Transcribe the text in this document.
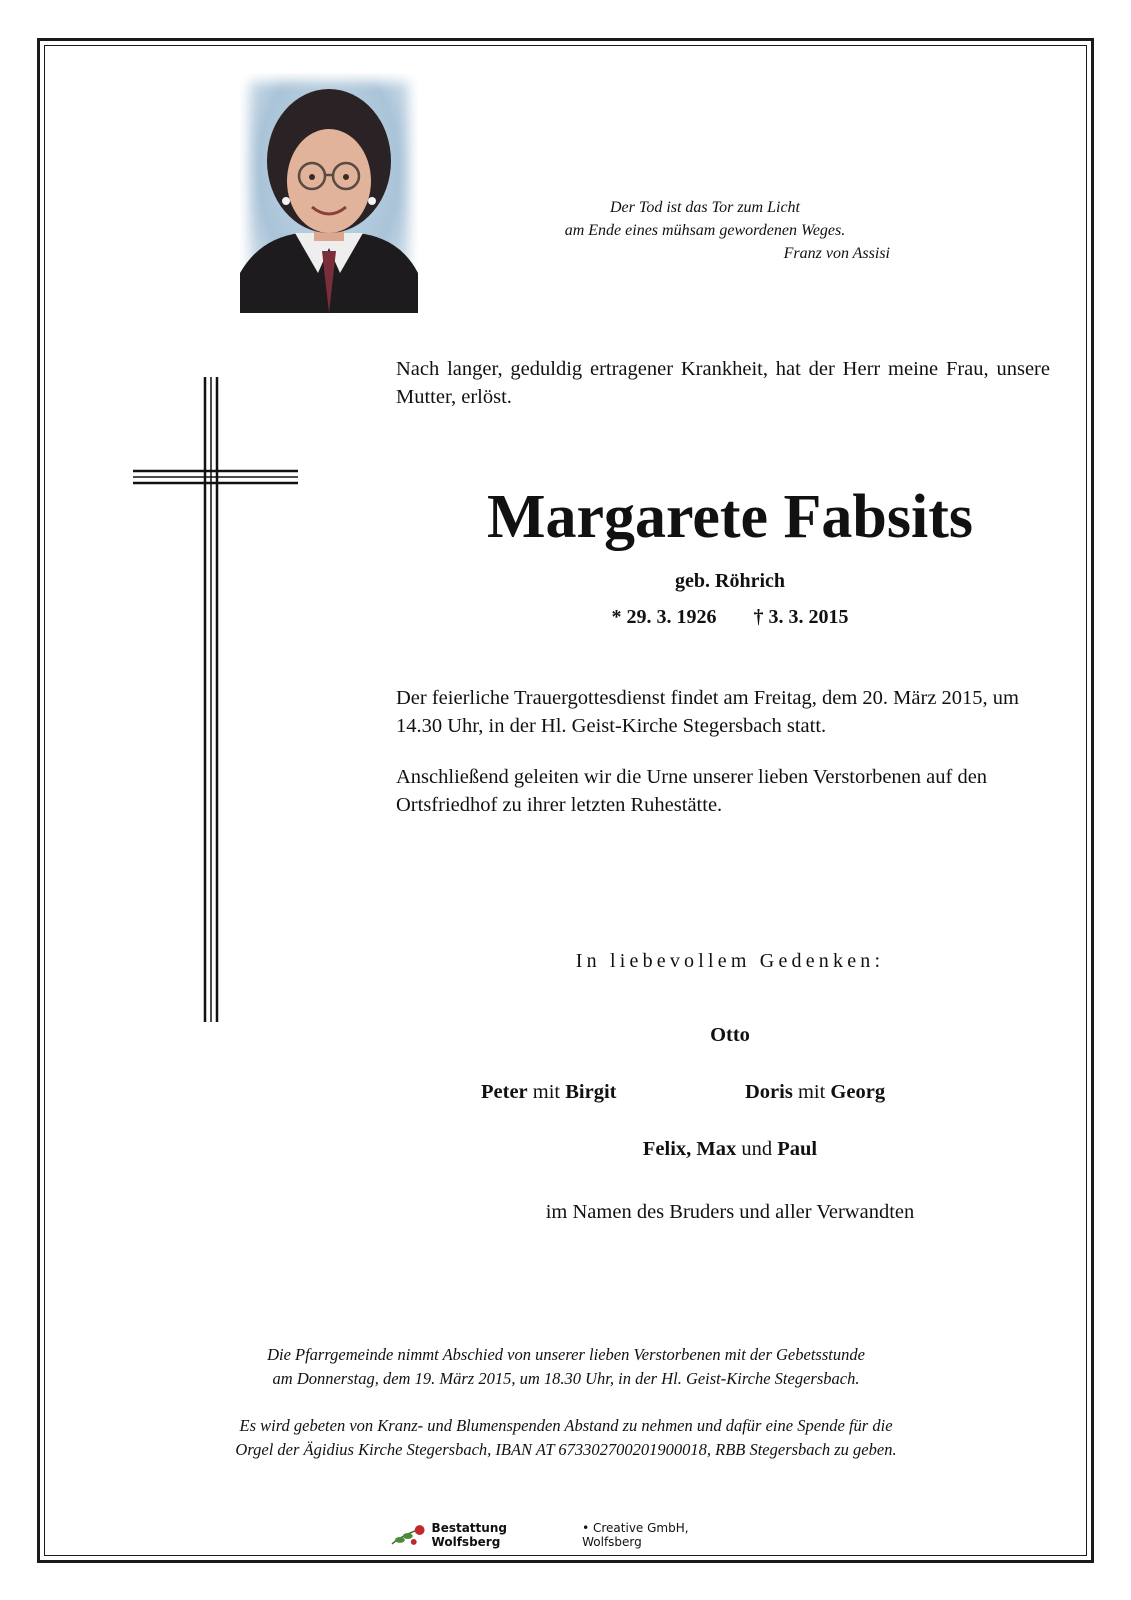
Der Tod ist das Tor zum Licht
am Ende eines mühsam gewordenen Weges.
Franz von Assisi
Nach langer, geduldig ertragener Krankheit, hat der Herr meine Frau, unsere Mutter, erlöst.
Margarete Fabsits
geb. Röhrich
* 29. 3. 1926 † 3. 3. 2015
Der feierliche Trauergottesdienst findet am Freitag, dem 20. März 2015, um 14.30 Uhr, in der Hl. Geist-Kirche Stegersbach statt.
Anschließend geleiten wir die Urne unserer lieben Verstorbenen auf den Ortsfriedhof zu ihrer letzten Ruhestätte.
In liebevollem Gedenken:
Otto
Peter mit Birgit	Doris mit Georg
Felix, Max und Paul
im Namen des Bruders und aller Verwandten
Die Pfarrgemeinde nimmt Abschied von unserer lieben Verstorbenen mit der Gebetsstunde
am Donnerstag, dem 19. März 2015, um 18.30 Uhr, in der Hl. Geist-Kirche Stegersbach.
Es wird gebeten von Kranz- und Blumenspenden Abstand zu nehmen und dafür eine Spende für die
Orgel der Ägidius Kirche Stegersbach, IBAN AT 673302700201900018, RBB Stegersbach zu geben.
Bestattung Wolfsberg
• Creative GmbH, Wolfsberg
